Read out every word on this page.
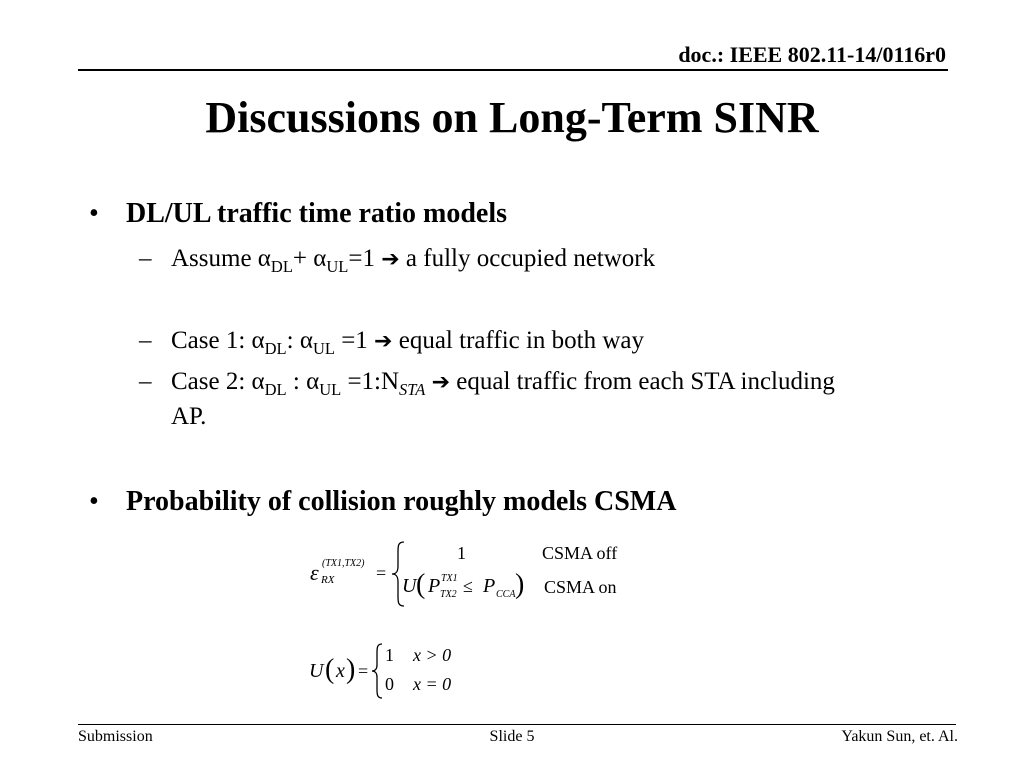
doc.: IEEE 802.11-14/0116r0
Discussions on Long-Term SINR
• DL/UL traffic time ratio models
– Assume $\alpha_{DL}+ \alpha_{UL}=1$ ➔ a fully occupied network
– Case 1: $\alpha_{DL}$: $\alpha_{UL} =1$ ➔ equal traffic in both way
– Case 2: $\alpha_{DL}$ : $\alpha_{UL}$ $=1:N_{STA}$ ➔ equal traffic from each STA including
AP.
• Probability of collision roughly models CSMA
ε (TX1,TX2)
RX =
1	CSMA off
U ( P TX1
TX2 ≤ P CCA ) CSMA on
U ( x ) =
1 x > 0
0 x = 0
Submission	Slide 5	Yakun Sun, et. Al.
